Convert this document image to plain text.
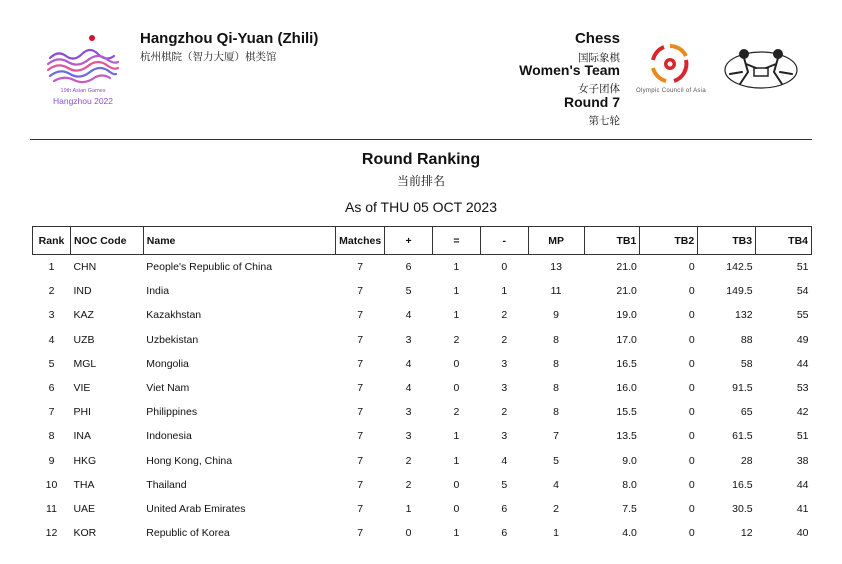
19th Asian Games
Hangzhou 2022
Hangzhou Qi-Yuan (Zhili)
杭州棋院（智力大厦）棋类馆
Chess
国际象棋
Women's Team
女子团体
Round 7
第七轮
Olympic Council of Asia
Round Ranking
当前排名
As of THU 05 OCT 2023
Rank	NOC Code	Name	Matches	+	=	-	MP	TB1	TB2	TB3	TB4
1	CHN	People's Republic of China	7	6	1	0	13	21.0	0	142.5	51
2	IND	India	7	5	1	1	11	21.0	0	149.5	54
3	KAZ	Kazakhstan	7	4	1	2	9	19.0	0	132	55
4	UZB	Uzbekistan	7	3	2	2	8	17.0	0	88	49
5	MGL	Mongolia	7	4	0	3	8	16.5	0	58	44
6	VIE	Viet Nam	7	4	0	3	8	16.0	0	91.5	53
7	PHI	Philippines	7	3	2	2	8	15.5	0	65	42
8	INA	Indonesia	7	3	1	3	7	13.5	0	61.5	51
9	HKG	Hong Kong, China	7	2	1	4	5	9.0	0	28	38
10	THA	Thailand	7	2	0	5	4	8.0	0	16.5	44
11	UAE	United Arab Emirates	7	1	0	6	2	7.5	0	30.5	41
12	KOR	Republic of Korea	7	0	1	6	1	4.0	0	12	40
